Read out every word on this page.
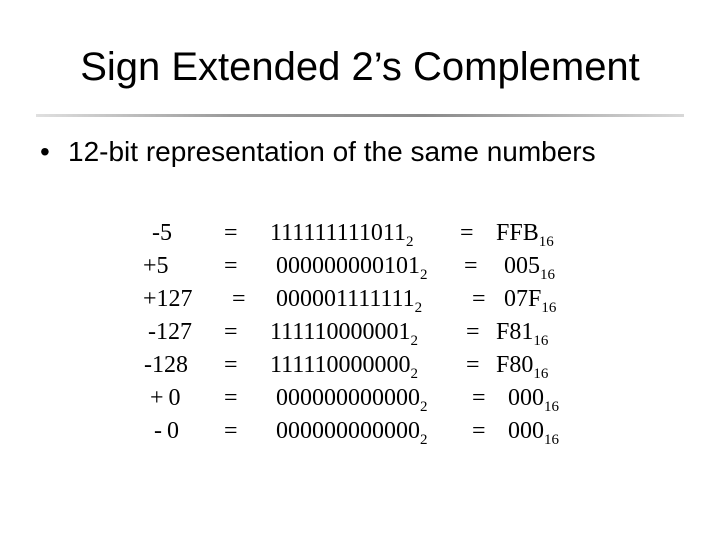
Sign Extended 2’s Complement
• 12-bit representation of the same numbers
$-5 = 111111111011_2 = FFB_{16}$
$+5 = 000000000101_2 = 005_{16}$
$+127 = 000001111111_2 = 07F_{16}$
$-127 = 111110000001_2 = F81_{16}$
$-128 = 111110000000_2 = F80_{16}$
$+0 = 000000000000_2 = 000_{16}$
$-0 = 000000000000_2 = 000_{16}$
